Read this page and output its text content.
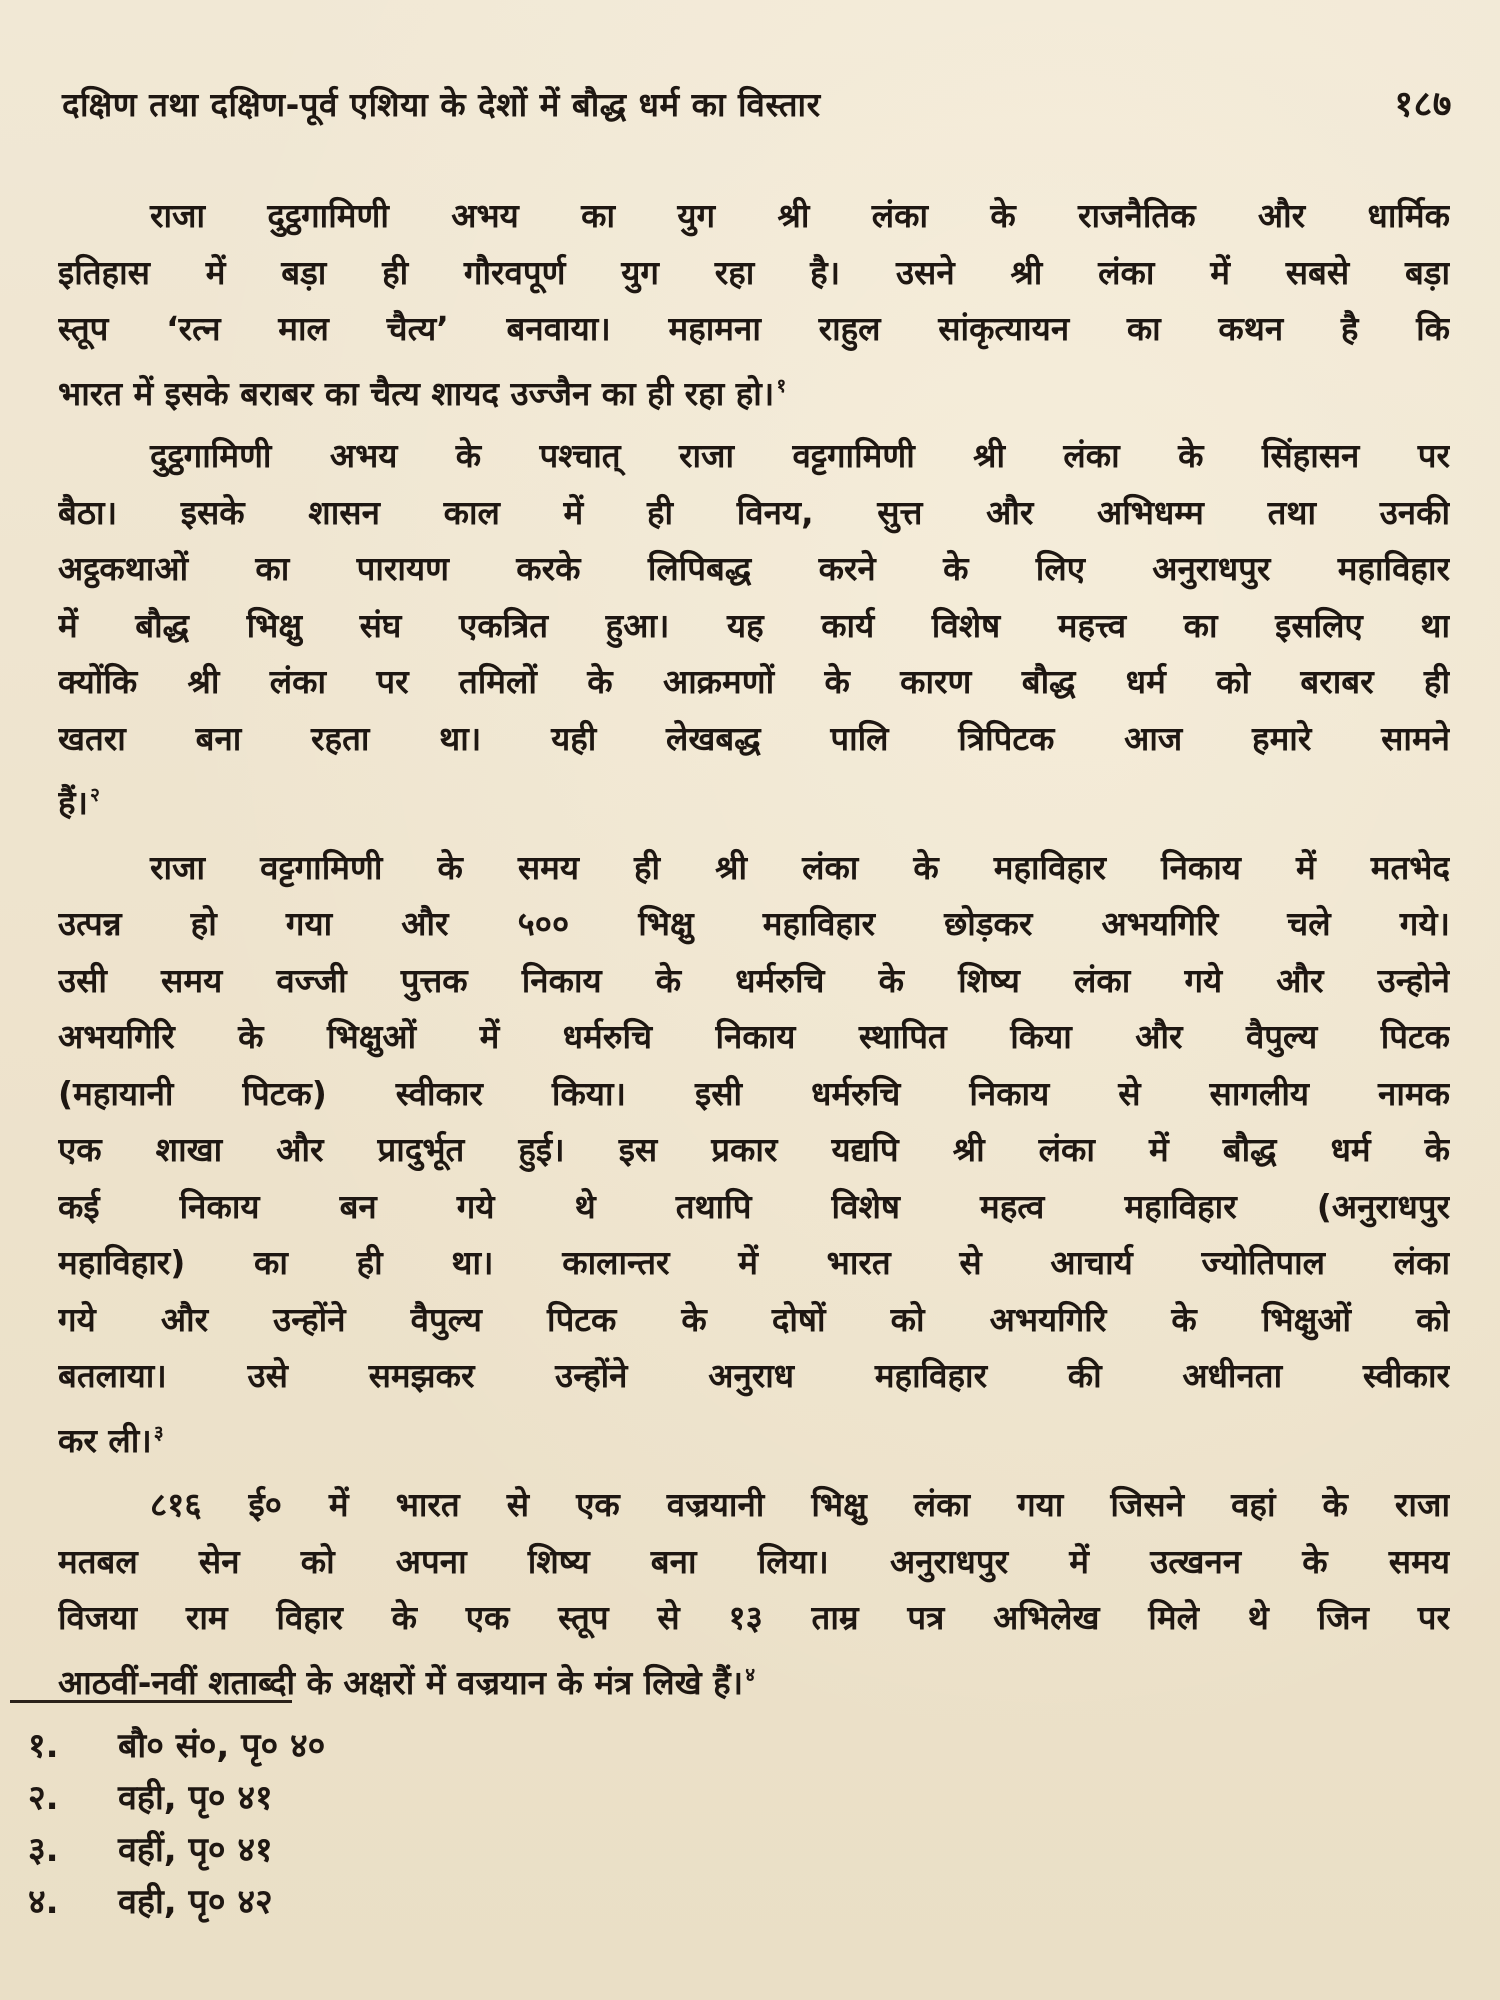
दक्षिण तथा दक्षिण-पूर्व एशिया के देशों में बौद्ध धर्म का विस्तार	१८७
राजा दुट्ठगामिणी अभय का युग श्री लंका के राजनैतिक और धार्मिक
इतिहास में बड़ा ही गौरवपूर्ण युग रहा है। उसने श्री लंका में सबसे बड़ा
स्तूप ‘रत्न माल चैत्य’ बनवाया। महामना राहुल सांकृत्यायन का कथन है कि
भारत में इसके बराबर का चैत्य शायद उज्जैन का ही रहा हो। $^१$
दुट्ठगामिणी अभय के पश्चात् राजा वट्टगामिणी श्री लंका के सिंहासन पर
बैठा। इसके शासन काल में ही विनय, सुत्त और अभिधम्म तथा उनकी
अट्ठकथाओं का पारायण करके लिपिबद्ध करने के लिए अनुराधपुर महाविहार
में बौद्ध भिक्षु संघ एकत्रित हुआ। यह कार्य विशेष महत्त्व का इसलिए था
क्योंकि श्री लंका पर तमिलों के आक्रमणों के कारण बौद्ध धर्म को बराबर ही
खतरा बना रहता था। यही लेखबद्ध पालि त्रिपिटक आज हमारे सामने
हैं। $^२$
राजा वट्टगामिणी के समय ही श्री लंका के महाविहार निकाय में मतभेद
उत्पन्न हो गया और ५०० भिक्षु महाविहार छोड़कर अभयगिरि चले गये।
उसी समय वज्जी पुत्तक निकाय के धर्मरुचि के शिष्य लंका गये और उन्होने
अभयगिरि के भिक्षुओं में धर्मरुचि निकाय स्थापित किया और वैपुल्य पिटक
(महायानी पिटक) स्वीकार किया। इसी धर्मरुचि निकाय से सागलीय नामक
एक शाखा और प्रादुर्भूत हुई। इस प्रकार यद्यपि श्री लंका में बौद्ध धर्म के
कई निकाय बन गये थे तथापि विशेष महत्व महाविहार (अनुराधपुर
महाविहार) का ही था। कालान्तर में भारत से आचार्य ज्योतिपाल लंका
गये और उन्होंने वैपुल्य पिटक के दोषों को अभयगिरि के भिक्षुओं को
बतलाया। उसे समझकर उन्होंने अनुराध महाविहार की अधीनता स्वीकार
कर ली। $^३$
८१६ ई० में भारत से एक वज्रयानी भिक्षु लंका गया जिसने वहां के राजा
मतबल सेन को अपना शिष्य बना लिया। अनुराधपुर में उत्खनन के समय
विजया राम विहार के एक स्तूप से १३ ताम्र पत्र अभिलेख मिले थे जिन पर
आठवीं-नवीं शताब्दी के अक्षरों में वज्रयान के मंत्र लिखे हैं। $^४$
१.	बौ० सं०, पृ० ४०
२.	वही, पृ० ४१
३.	वहीं, पृ० ४१
४.	वही, पृ० ४२
